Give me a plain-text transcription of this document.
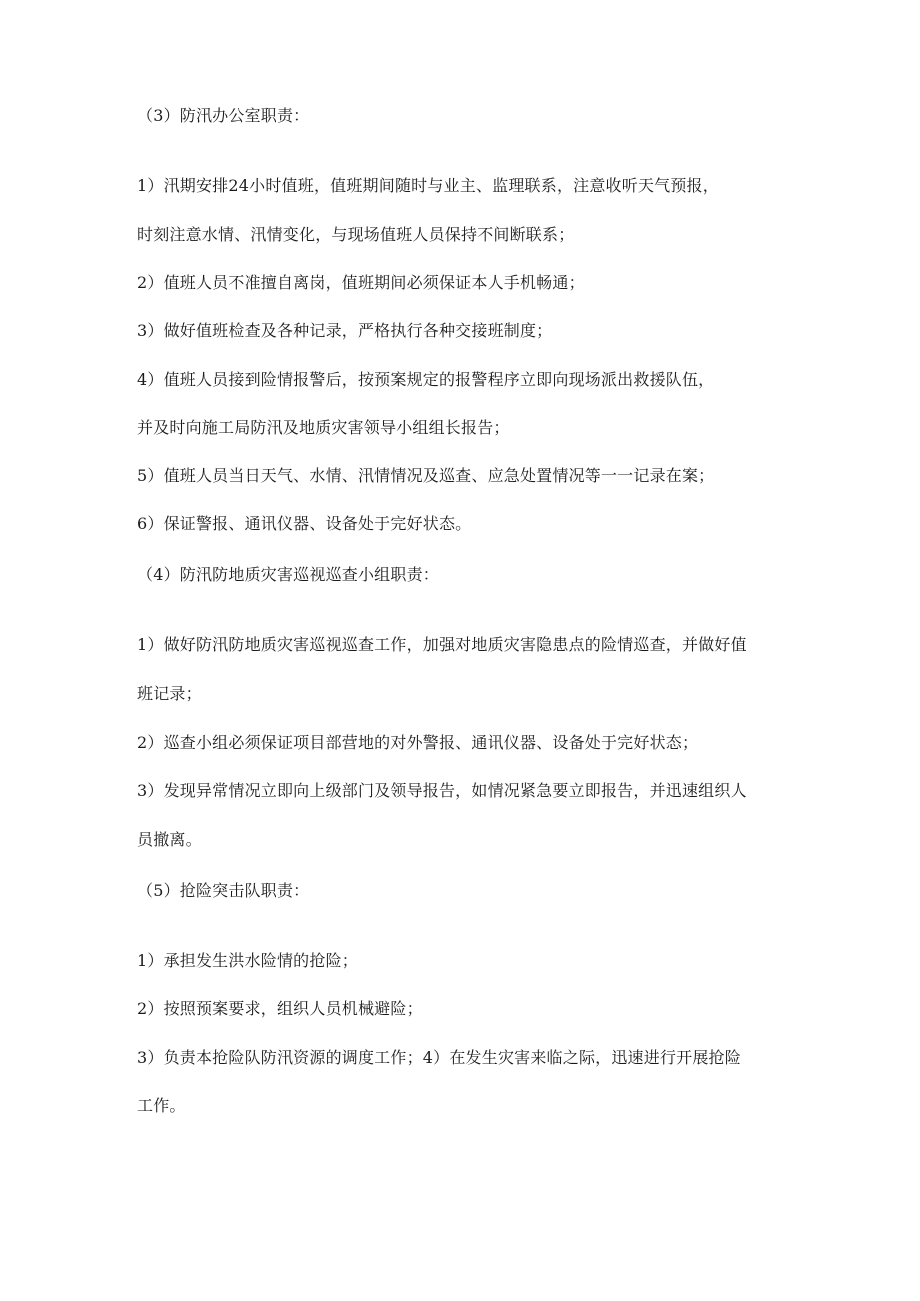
（3）防汛办公室职责：
1）汛期安排24小时值班，值班期间随时与业主、监理联系，注意收听天气预报，
时刻注意水情、汛情变化，与现场值班人员保持不间断联系；
2）值班人员不准擅自离岗，值班期间必须保证本人手机畅通；
3）做好值班检查及各种记录，严格执行各种交接班制度；
4）值班人员接到险情报警后，按预案规定的报警程序立即向现场派出救援队伍，
并及时向施工局防汛及地质灾害领导小组组长报告；
5）值班人员当日天气、水情、汛情情况及巡查、应急处置情况等一一记录在案；
6）保证警报、通讯仪器、设备处于完好状态。
（4）防汛防地质灾害巡视巡查小组职责：
1）做好防汛防地质灾害巡视巡查工作，加强对地质灾害隐患点的险情巡查，并做好值
班记录；
2）巡查小组必须保证项目部营地的对外警报、通讯仪器、设备处于完好状态；
3）发现异常情况立即向上级部门及领导报告，如情况紧急要立即报告，并迅速组织人
员撤离。
（5）抢险突击队职责：
1）承担发生洪水险情的抢险；
2）按照预案要求，组织人员机械避险；
3）负责本抢险队防汛资源的调度工作；4）在发生灾害来临之际，迅速进行开展抢险
工作。
